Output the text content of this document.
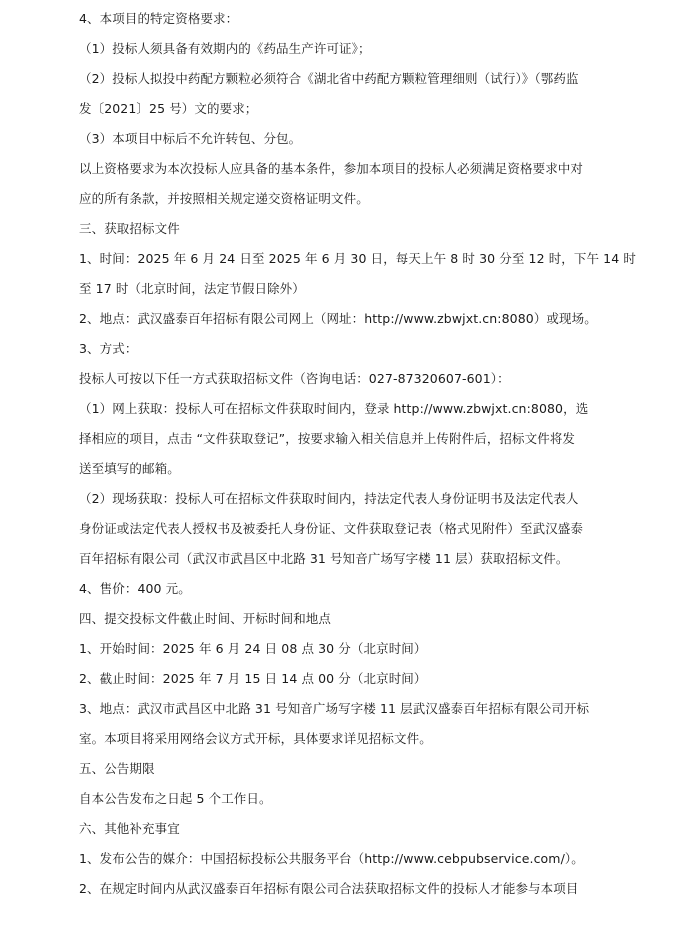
4、本项目的特定资格要求：
（1）投标人须具备有效期内的《药品生产许可证》；
（2）投标人拟投中药配方颗粒必须符合《湖北省中药配方颗粒管理细则（试行）》（鄂药监
发〔2021〕25 号）文的要求；
（3）本项目中标后不允许转包、分包。
以上资格要求为本次投标人应具备的基本条件，参加本项目的投标人必须满足资格要求中对
应的所有条款，并按照相关规定递交资格证明文件。
三、获取招标文件
1、时间：2025 年 6 月 24 日至 2025 年 6 月 30 日，每天上午 8 时 30 分至 12 时，下午 14 时
至 17 时（北京时间，法定节假日除外）
2、地点：武汉盛泰百年招标有限公司网上（网址：http://www.zbwjxt.cn:8080）或现场。
3、方式：
投标人可按以下任一方式获取招标文件（咨询电话：027-87320607-601）：
（1）网上获取：投标人可在招标文件获取时间内，登录 http://www.zbwjxt.cn:8080，选
择相应的项目，点击 “文件获取登记”，按要求输入相关信息并上传附件后，招标文件将发
送至填写的邮箱。
（2）现场获取：投标人可在招标文件获取时间内，持法定代表人身份证明书及法定代表人
身份证或法定代表人授权书及被委托人身份证、文件获取登记表（格式见附件）至武汉盛泰
百年招标有限公司（武汉市武昌区中北路 31 号知音广场写字楼 11 层）获取招标文件。
4、售价：400 元。
四、提交投标文件截止时间、开标时间和地点
1、开始时间：2025 年 6 月 24 日 08 点 30 分（北京时间）
2、截止时间：2025 年 7 月 15 日 14 点 00 分（北京时间）
3、地点：武汉市武昌区中北路 31 号知音广场写字楼 11 层武汉盛泰百年招标有限公司开标
室。本项目将采用网络会议方式开标，具体要求详见招标文件。
五、公告期限
自本公告发布之日起 5 个工作日。
六、其他补充事宜
1、发布公告的媒介：中国招标投标公共服务平台（http://www.cebpubservice.com/）。
2、在规定时间内从武汉盛泰百年招标有限公司合法获取招标文件的投标人才能参与本项目
